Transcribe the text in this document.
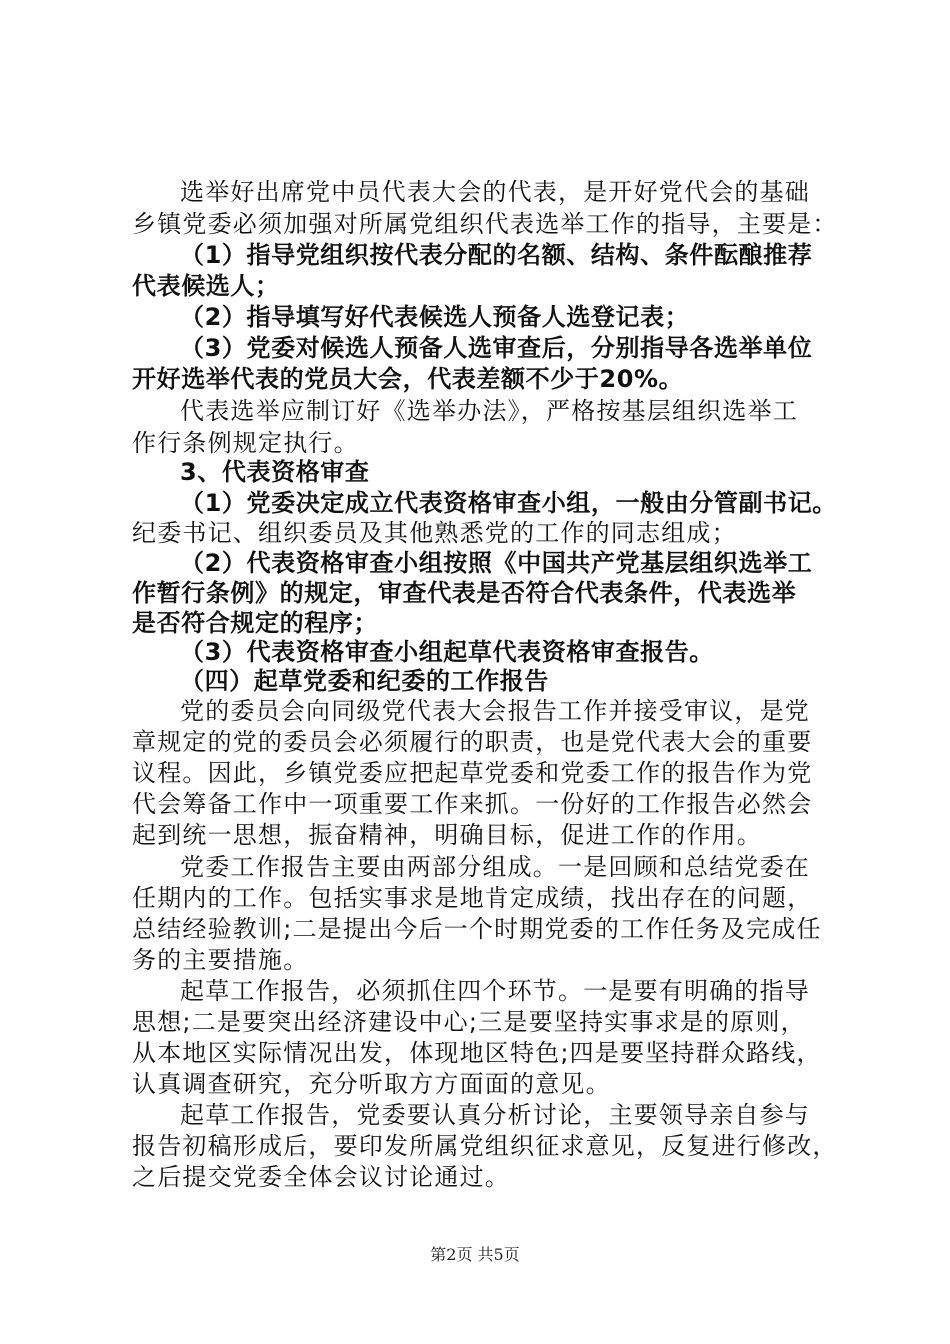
选举好出席党中员代表大会的代表，是开好党代会的基础
乡镇党委必须加强对所属党组织代表选举工作的指导，主要是：
（1）指导党组织按代表分配的名额、结构、条件酝酿推荐
代表候选人；
（2）指导填写好代表候选人预备人选登记表；
（3）党委对候选人预备人选审查后，分别指导各选举单位
开好选举代表的党员大会，代表差额不少于20%。
代表选举应制订好《选举办法》，严格按基层组织选举工
作行条例规定执行。
3、代表资格审查
（1）党委决定成立代表资格审查小组，一般由分管副书记。
纪委书记、组织委员及其他熟悉党的工作的同志组成；
（2）代表资格审查小组按照《中国共产党基层组织选举工
作暂行条例》的规定，审查代表是否符合代表条件，代表选举
是否符合规定的程序；
（3）代表资格审查小组起草代表资格审查报告。
（四）起草党委和纪委的工作报告
党的委员会向同级党代表大会报告工作并接受审议，是党
章规定的党的委员会必须履行的职责，也是党代表大会的重要
议程。因此，乡镇党委应把起草党委和党委工作的报告作为党
代会筹备工作中一项重要工作来抓。一份好的工作报告必然会
起到统一思想，振奋精神，明确目标，促进工作的作用。
党委工作报告主要由两部分组成。一是回顾和总结党委在
任期内的工作。包括实事求是地肯定成绩，找出存在的问题，
总结经验教训;二是提出今后一个时期党委的工作任务及完成任
务的主要措施。
起草工作报告，必须抓住四个环节。一是要有明确的指导
思想;二是要突出经济建设中心;三是要坚持实事求是的原则，
从本地区实际情况出发，体现地区特色;四是要坚持群众路线，
认真调查研究，充分听取方方面面的意见。
起草工作报告，党委要认真分析讨论，主要领导亲自参与
报告初稿形成后，要印发所属党组织征求意见，反复进行修改，
之后提交党委全体会议讨论通过。
第2页 共5页
